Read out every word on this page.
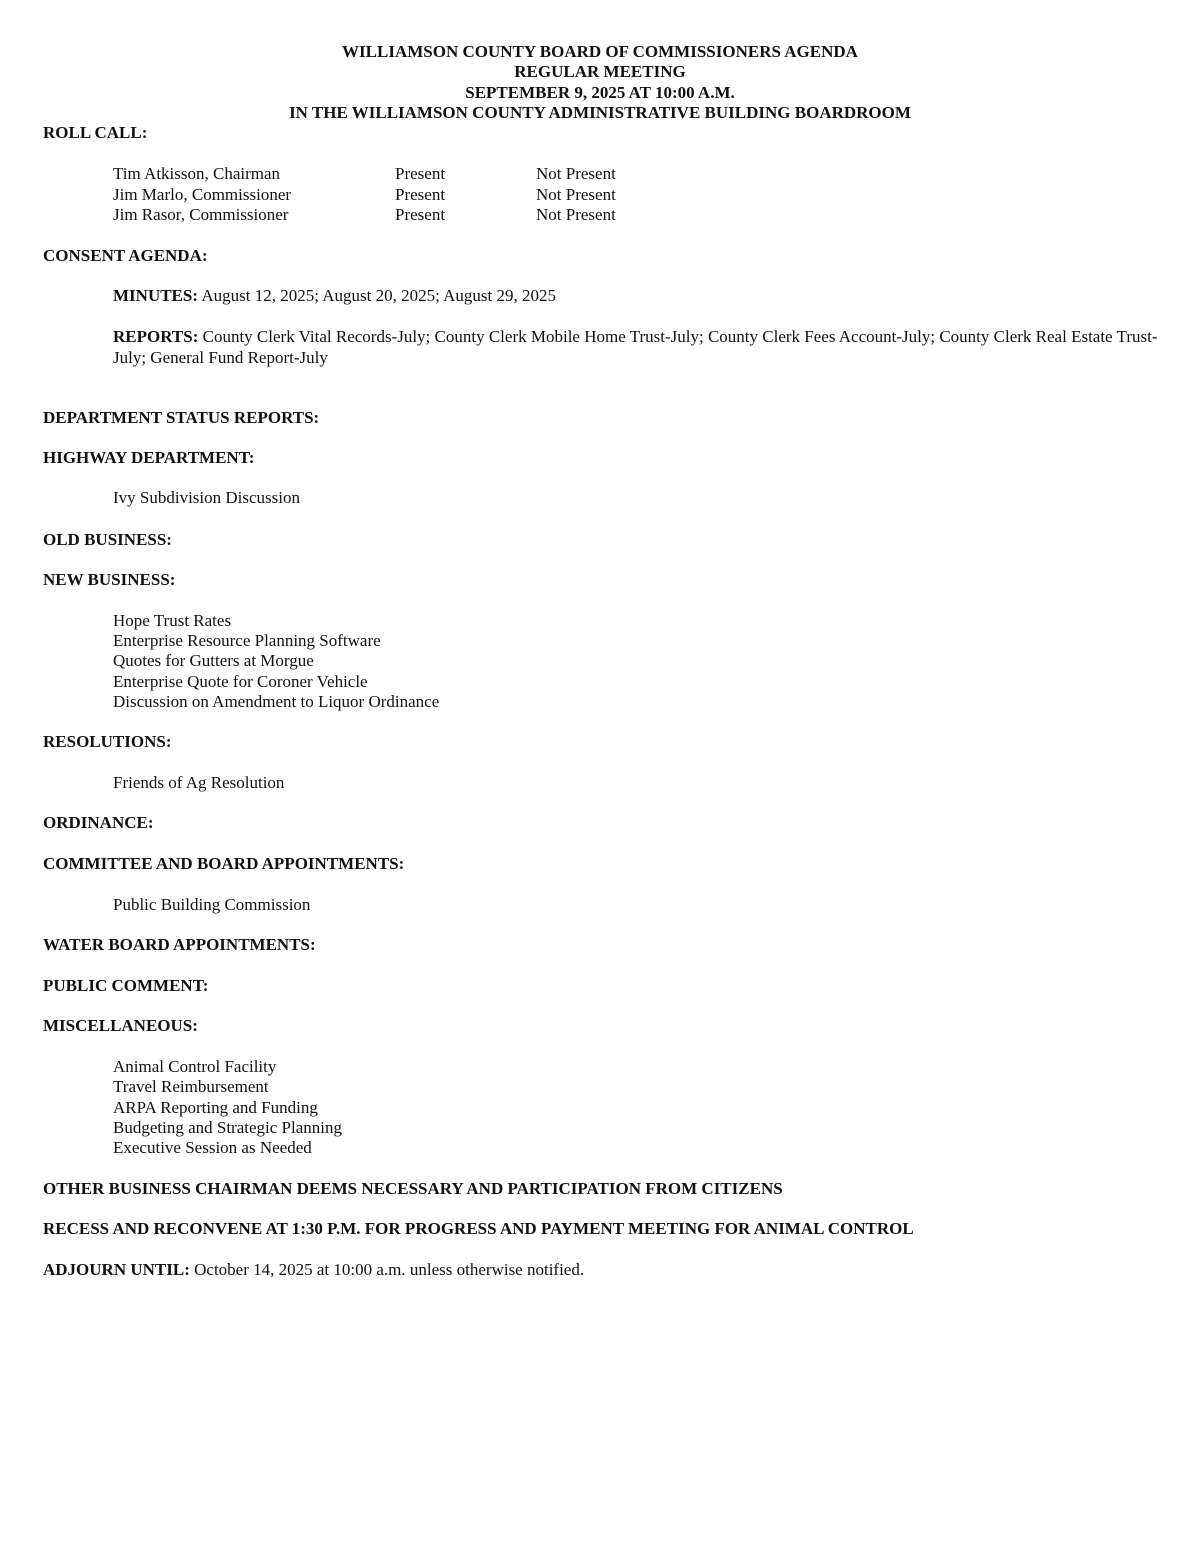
WILLIAMSON COUNTY BOARD OF COMMISSIONERS AGENDA
REGULAR MEETING
SEPTEMBER 9, 2025 AT 10:00 A.M.
IN THE WILLIAMSON COUNTY ADMINISTRATIVE BUILDING BOARDROOM
ROLL CALL:
Tim Atkisson, Chairman	Present	Not Present
Jim Marlo, Commissioner	Present	Not Present
Jim Rasor, Commissioner	Present	Not Present
CONSENT AGENDA:
MINUTES: August 12, 2025; August 20, 2025; August 29, 2025
REPORTS: County Clerk Vital Records-July; County Clerk Mobile Home Trust-July; County Clerk Fees Account-July; County Clerk Real Estate Trust-July; General Fund Report-July
DEPARTMENT STATUS REPORTS:
HIGHWAY DEPARTMENT:
Ivy Subdivision Discussion
OLD BUSINESS:
NEW BUSINESS:
Hope Trust Rates
Enterprise Resource Planning Software
Quotes for Gutters at Morgue
Enterprise Quote for Coroner Vehicle
Discussion on Amendment to Liquor Ordinance
RESOLUTIONS:
Friends of Ag Resolution
ORDINANCE:
COMMITTEE AND BOARD APPOINTMENTS:
Public Building Commission
WATER BOARD APPOINTMENTS:
PUBLIC COMMENT:
MISCELLANEOUS:
Animal Control Facility
Travel Reimbursement
ARPA Reporting and Funding
Budgeting and Strategic Planning
Executive Session as Needed
OTHER BUSINESS CHAIRMAN DEEMS NECESSARY AND PARTICIPATION FROM CITIZENS
RECESS AND RECONVENE AT 1:30 P.M. FOR PROGRESS AND PAYMENT MEETING FOR ANIMAL CONTROL
ADJOURN UNTIL: October 14, 2025 at 10:00 a.m. unless otherwise notified.
